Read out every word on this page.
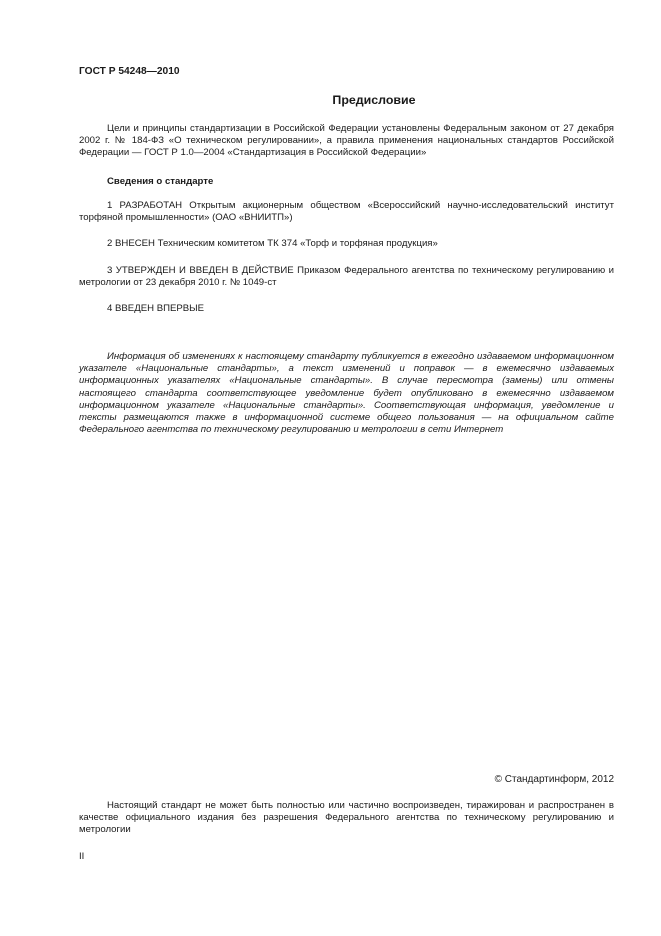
ГОСТ Р 54248—2010
Предисловие

Цели и принципы стандартизации в Российской Федерации установлены Федеральным законом от 27 декабря 2002 г. № 184-ФЗ «О техническом регулировании», а правила применения национальных стандартов Российской Федерации — ГОСТ Р 1.0—2004 «Стандартизация в Российской Федерации»

Сведения о стандарте

1 РАЗРАБОТАН Открытым акционерным обществом «Всероссийский научно-исследовательский институт торфяной промышленности» (ОАО «ВНИИТП»)

2 ВНЕСЕН Техническим комитетом ТК 374 «Торф и торфяная продукция»

3 УТВЕРЖДЕН И ВВЕДЕН В ДЕЙСТВИЕ Приказом Федерального агентства по техническому регулированию и метрологии от 23 декабря 2010 г. № 1049-ст

4 ВВЕДЕН ВПЕРВЫЕ

Информация об изменениях к настоящему стандарту публикуется в ежегодно издаваемом информационном указателе «Национальные стандарты», а текст изменений и поправок — в ежемесячно издаваемых информационных указателях «Национальные стандарты». В случае пересмотра (замены) или отмены настоящего стандарта соответствующее уведомление будет опубликовано в ежемесячно издаваемом информационном указателе «Национальные стандарты». Соответствующая информация, уведомление и тексты размещаются также в информационной системе общего пользования — на официальном сайте Федерального агентства по техническому регулированию и метрологии в сети Интернет

© Стандартинформ, 2012

Настоящий стандарт не может быть полностью или частично воспроизведен, тиражирован и распространен в качестве официального издания без разрешения Федерального агентства по техническому регулированию и метрологии

II
